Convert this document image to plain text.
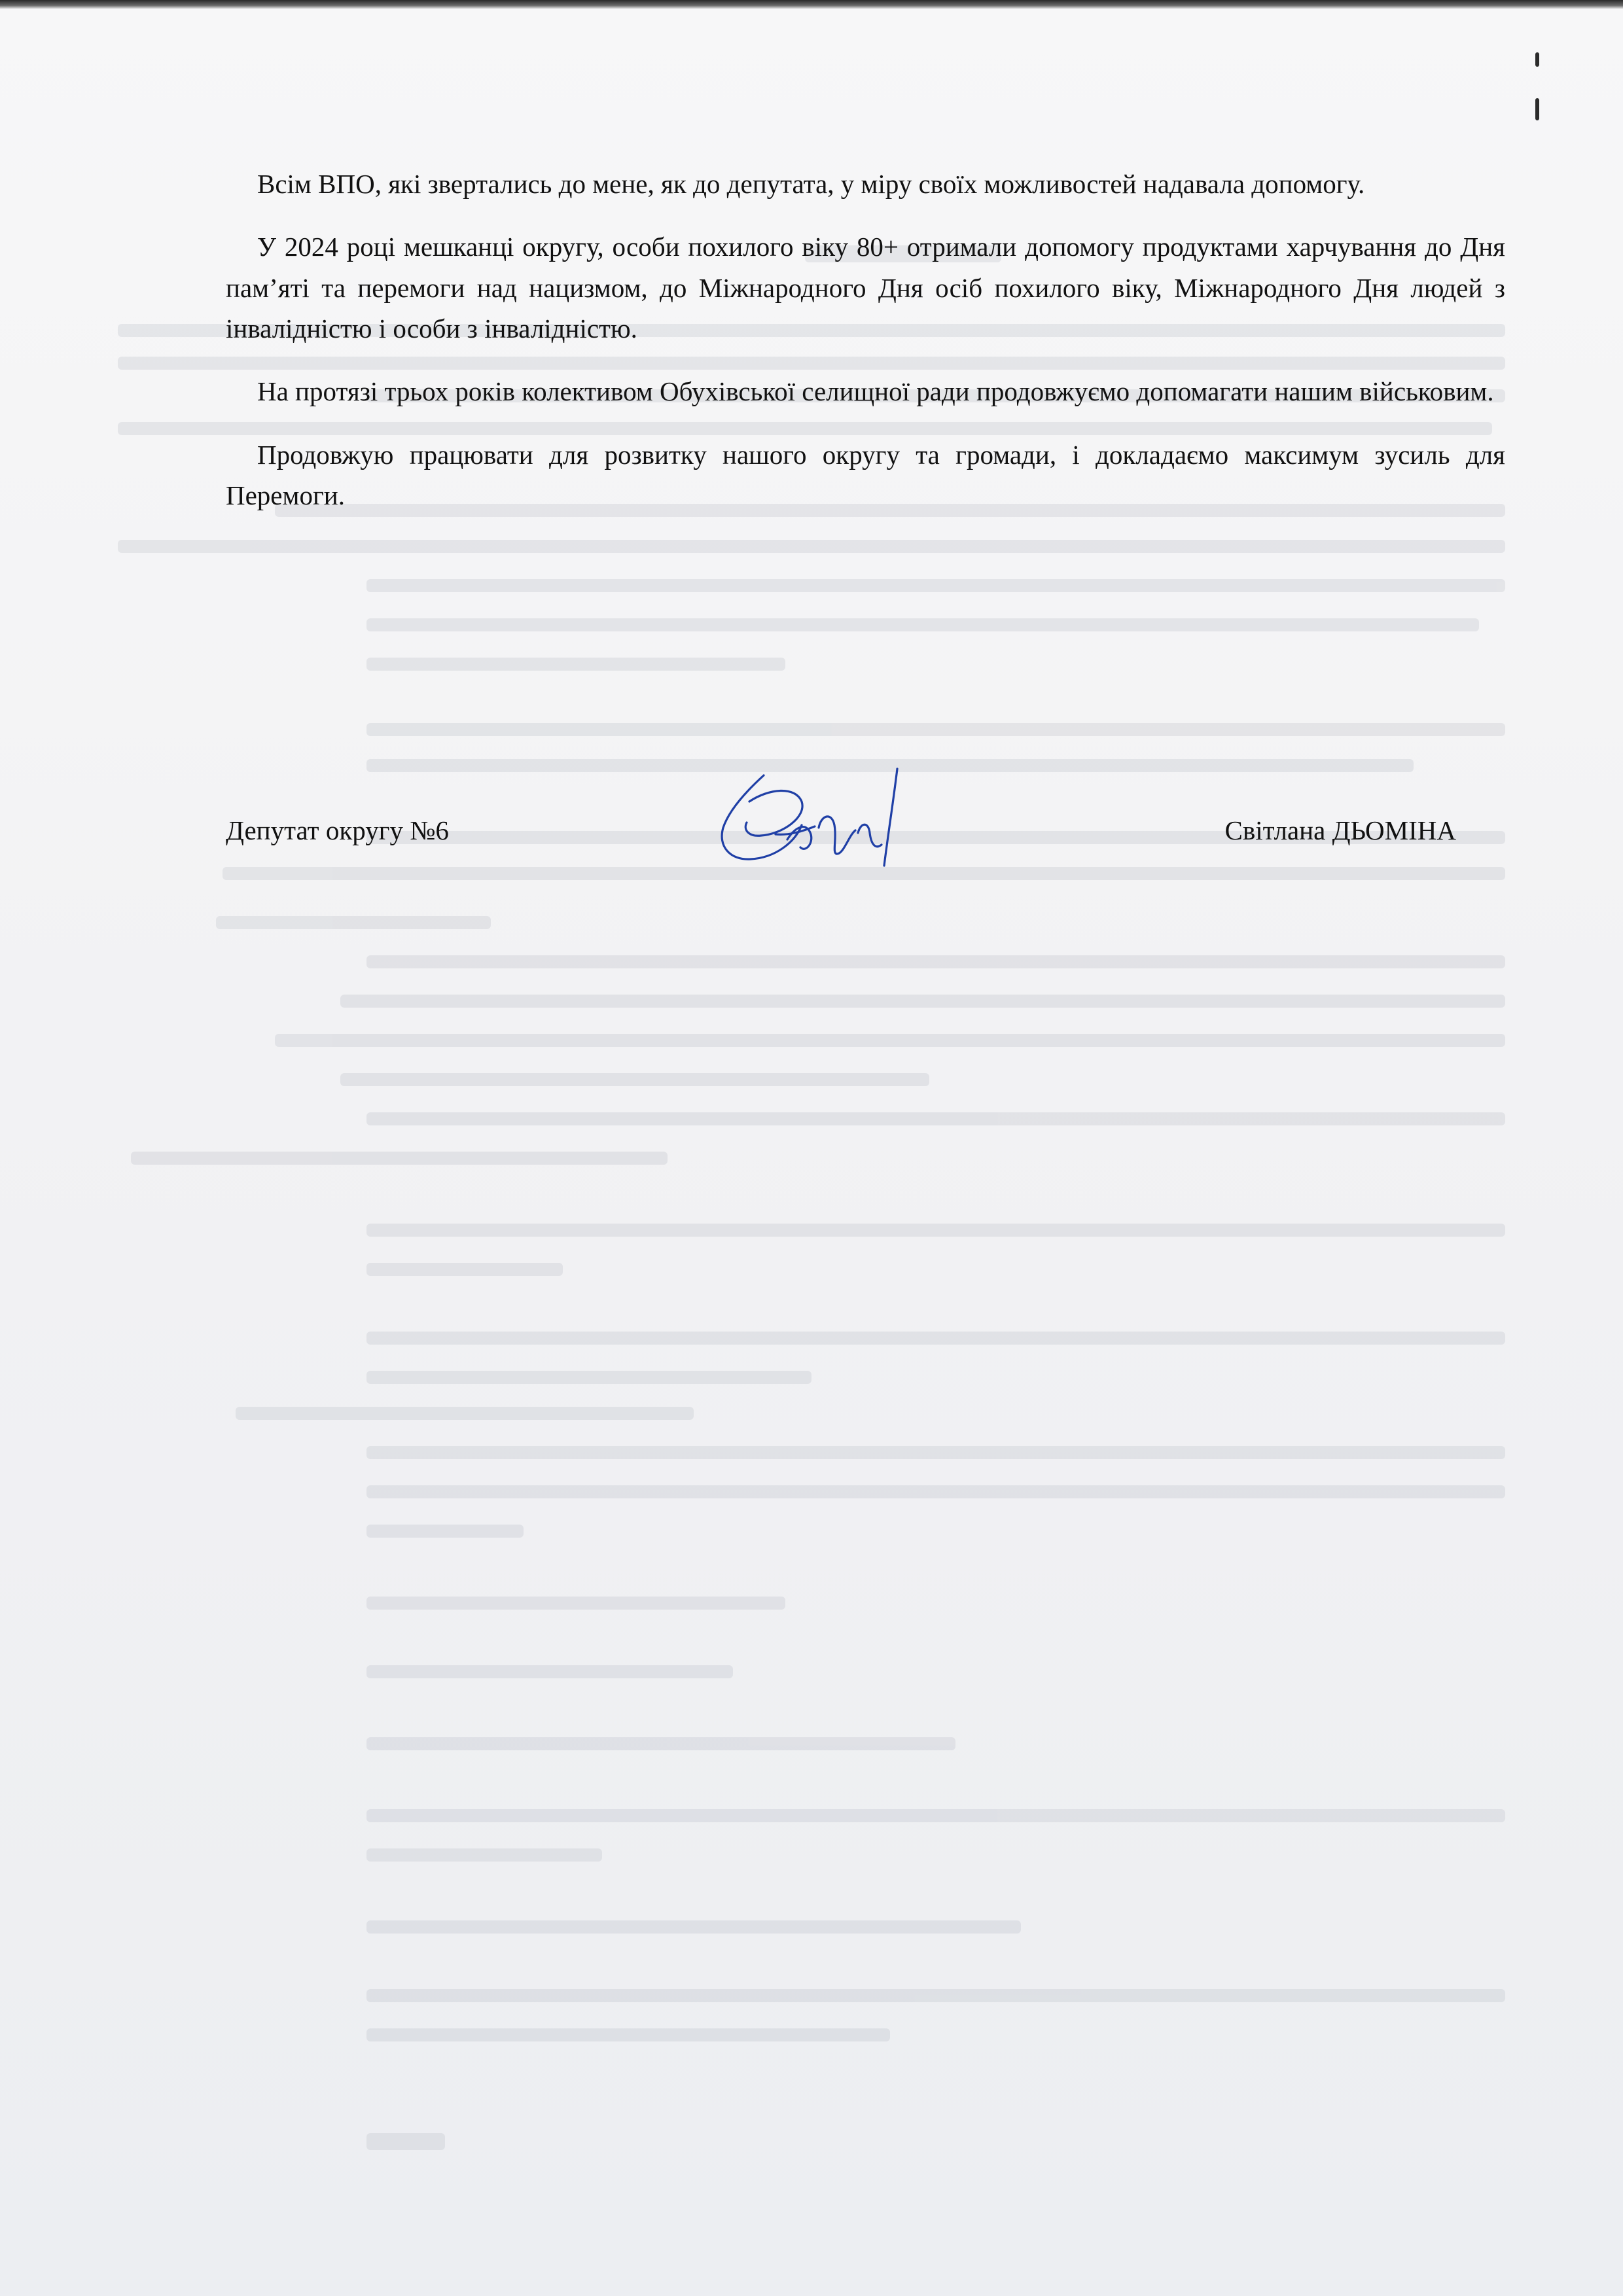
Всім ВПО, які звертались до мене, як до депутата, у міру своїх можливостей надавала допомогу.

У 2024 році мешканці округу, особи похилого віку 80+ отримали допомогу продуктами харчування до Дня пам’яті та перемоги над нацизмом, до Міжнародного Дня осіб похилого віку, Міжнародного Дня людей з інвалідністю і особи з інвалідністю.

На протязі трьох років колективом Обухівської селищної ради продовжуємо допомагати нашим військовим.

Продовжую працювати для розвитку нашого округу та громади, і докладаємо максимум зусиль для Перемоги.

Депутат округу №6	Світлана ДЬОМІНА
